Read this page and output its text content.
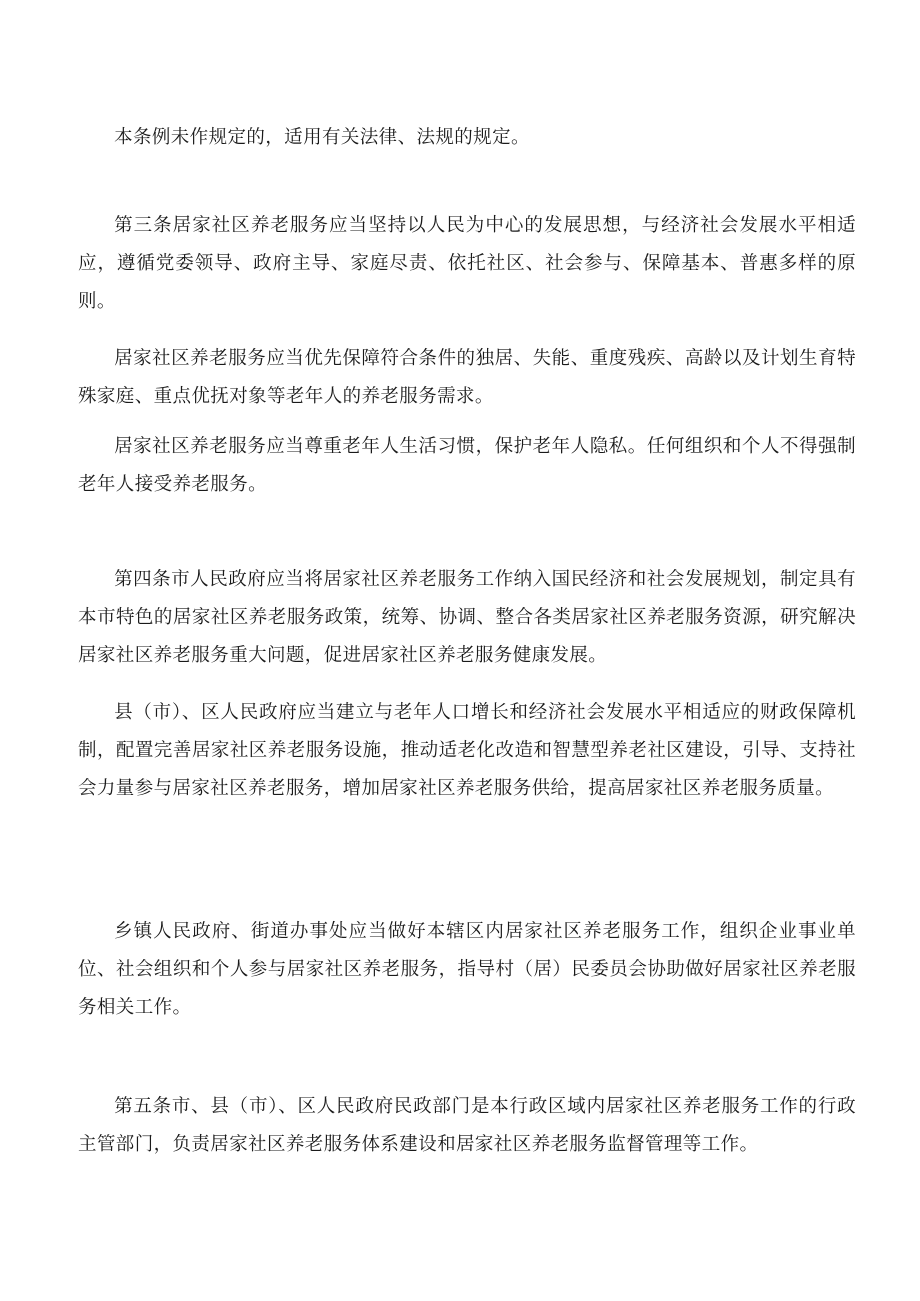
本条例未作规定的，适用有关法律、法规的规定。

第三条居家社区养老服务应当坚持以人民为中心的发展思想，与经济社会发展水平相适应，遵循党委领导、政府主导、家庭尽责、依托社区、社会参与、保障基本、普惠多样的原则。

居家社区养老服务应当优先保障符合条件的独居、失能、重度残疾、高龄以及计划生育特殊家庭、重点优抚对象等老年人的养老服务需求。

居家社区养老服务应当尊重老年人生活习惯，保护老年人隐私。任何组织和个人不得强制老年人接受养老服务。

第四条市人民政府应当将居家社区养老服务工作纳入国民经济和社会发展规划，制定具有本市特色的居家社区养老服务政策，统筹、协调、整合各类居家社区养老服务资源，研究解决居家社区养老服务重大问题，促进居家社区养老服务健康发展。

县（市）、区人民政府应当建立与老年人口增长和经济社会发展水平相适应的财政保障机制，配置完善居家社区养老服务设施，推动适老化改造和智慧型养老社区建设，引导、支持社会力量参与居家社区养老服务，增加居家社区养老服务供给，提高居家社区养老服务质量。

乡镇人民政府、街道办事处应当做好本辖区内居家社区养老服务工作，组织企业事业单位、社会组织和个人参与居家社区养老服务，指导村（居）民委员会协助做好居家社区养老服务相关工作。

第五条市、县（市）、区人民政府民政部门是本行政区域内居家社区养老服务工作的行政主管部门，负责居家社区养老服务体系建设和居家社区养老服务监督管理等工作。
